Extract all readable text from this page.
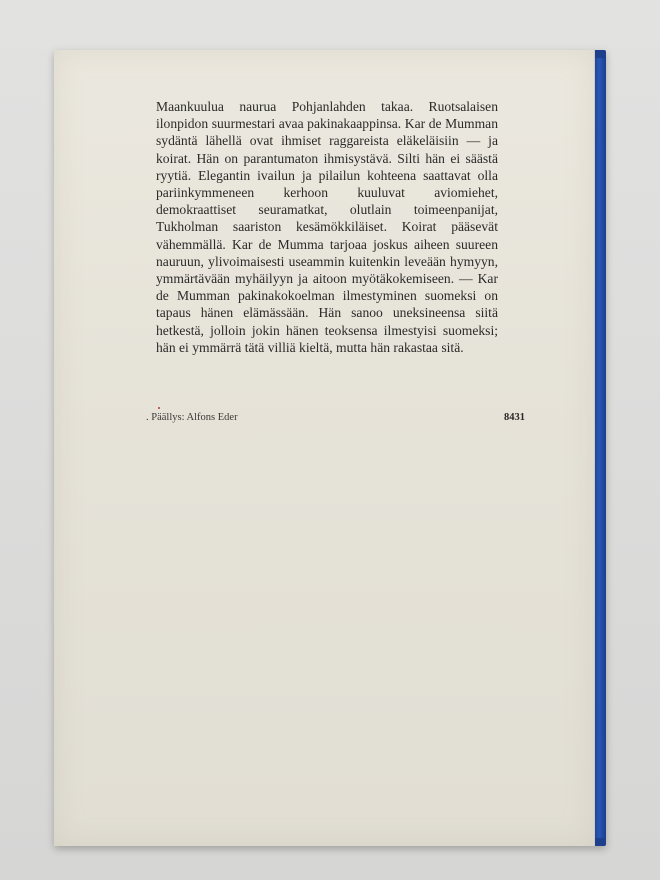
Maankuulua naurua Pohjanlahden takaa. Ruotsalaisen ilonpidon suurmestari avaa pakinakaappinsa. Kar de Mumman sydäntä lähellä ovat ihmiset raggareista eläkeläisiin — ja koirat. Hän on parantumaton ihmisystävä. Silti hän ei säästä ryytiä. Elegantin ivailun ja pilailun kohteena saattavat olla pariinkymmeneen kerhoon kuuluvat aviomiehet, demokraattiset seuramatkat, olutlain toimeenpanijat, Tukholman saariston kesämökkiläiset. Koirat pääsevät vähemmällä. Kar de Mumma tarjoaa joskus aiheen suureen nauruun, ylivoimaisesti useammin kuitenkin leveään hymyyn, ymmärtävään myhäilyyn ja aitoon myötäkokemiseen. — Kar de Mumman pakinakokoelman ilmestyminen suomeksi on tapaus hänen elämässään. Hän sanoo uneksineensa siitä hetkestä, jolloin jokin hänen teoksensa ilmestyisi suomeksi; hän ei ymmärrä tätä villiä kieltä, mutta hän rakastaa sitä.

. Päällys: Alfons Eder	8431
